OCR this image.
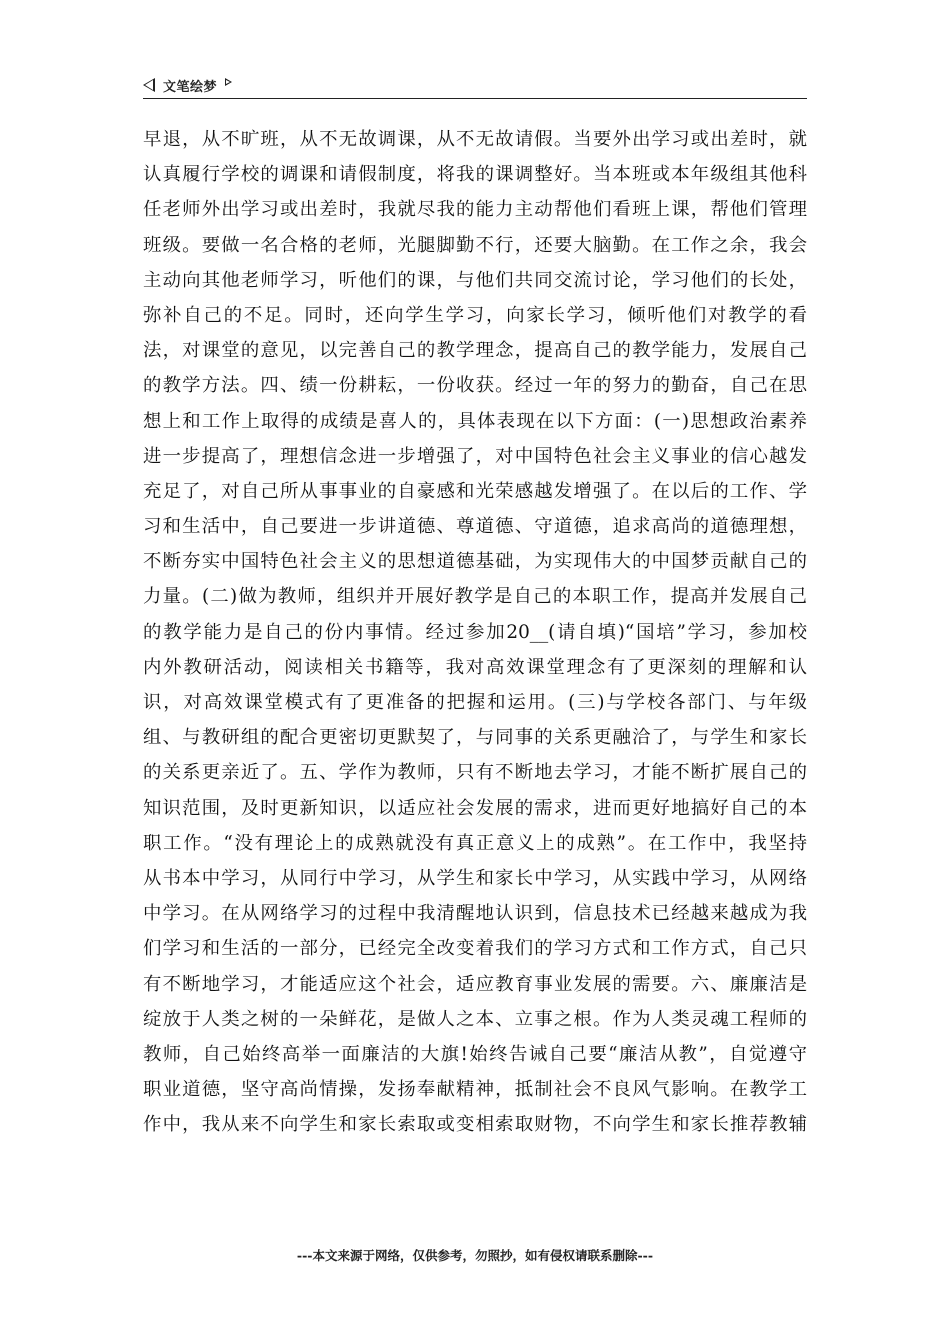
文笔绘梦
早退，从不旷班，从不无故调课，从不无故请假。当要外出学习或出差时，就
认真履行学校的调课和请假制度，将我的课调整好。当本班或本年级组其他科
任老师外出学习或出差时，我就尽我的能力主动帮他们看班上课，帮他们管理
班级。要做一名合格的老师，光腿脚勤不行，还要大脑勤。在工作之余，我会
主动向其他老师学习，听他们的课，与他们共同交流讨论，学习他们的长处，
弥补自己的不足。同时，还向学生学习，向家长学习，倾听他们对教学的看
法，对课堂的意见，以完善自己的教学理念，提高自己的教学能力，发展自己
的教学方法。四、绩一份耕耘，一份收获。经过一年的努力的勤奋，自己在思
想上和工作上取得的成绩是喜人的，具体表现在以下方面：(一)思想政治素养
进一步提高了，理想信念进一步增强了，对中国特色社会主义事业的信心越发
充足了，对自己所从事事业的自豪感和光荣感越发增强了。在以后的工作、学
习和生活中，自己要进一步讲道德、尊道德、守道德，追求高尚的道德理想，
不断夯实中国特色社会主义的思想道德基础，为实现伟大的中国梦贡献自己的
力量。(二)做为教师，组织并开展好教学是自己的本职工作，提高并发展自己
的教学能力是自己的份内事情。经过参加20__(请自填)“国培”学习，参加校
内外教研活动，阅读相关书籍等，我对高效课堂理念有了更深刻的理解和认
识，对高效课堂模式有了更准备的把握和运用。(三)与学校各部门、与年级
组、与教研组的配合更密切更默契了，与同事的关系更融洽了，与学生和家长
的关系更亲近了。五、学作为教师，只有不断地去学习，才能不断扩展自己的
知识范围，及时更新知识，以适应社会发展的需求，进而更好地搞好自己的本
职工作。“没有理论上的成熟就没有真正意义上的成熟”。在工作中，我坚持
从书本中学习，从同行中学习，从学生和家长中学习，从实践中学习，从网络
中学习。在从网络学习的过程中我清醒地认识到，信息技术已经越来越成为我
们学习和生活的一部分，已经完全改变着我们的学习方式和工作方式，自己只
有不断地学习，才能适应这个社会，适应教育事业发展的需要。六、廉廉洁是
绽放于人类之树的一朵鲜花，是做人之本、立事之根。作为人类灵魂工程师的
教师，自己始终高举一面廉洁的大旗!始终告诫自己要“廉洁从教”，自觉遵守
职业道德，坚守高尚情操，发扬奉献精神，抵制社会不良风气影响。在教学工
作中，我从来不向学生和家长索取或变相索取财物，不向学生和家长推荐教辅
---本文来源于网络，仅供参考，勿照抄，如有侵权请联系删除---
